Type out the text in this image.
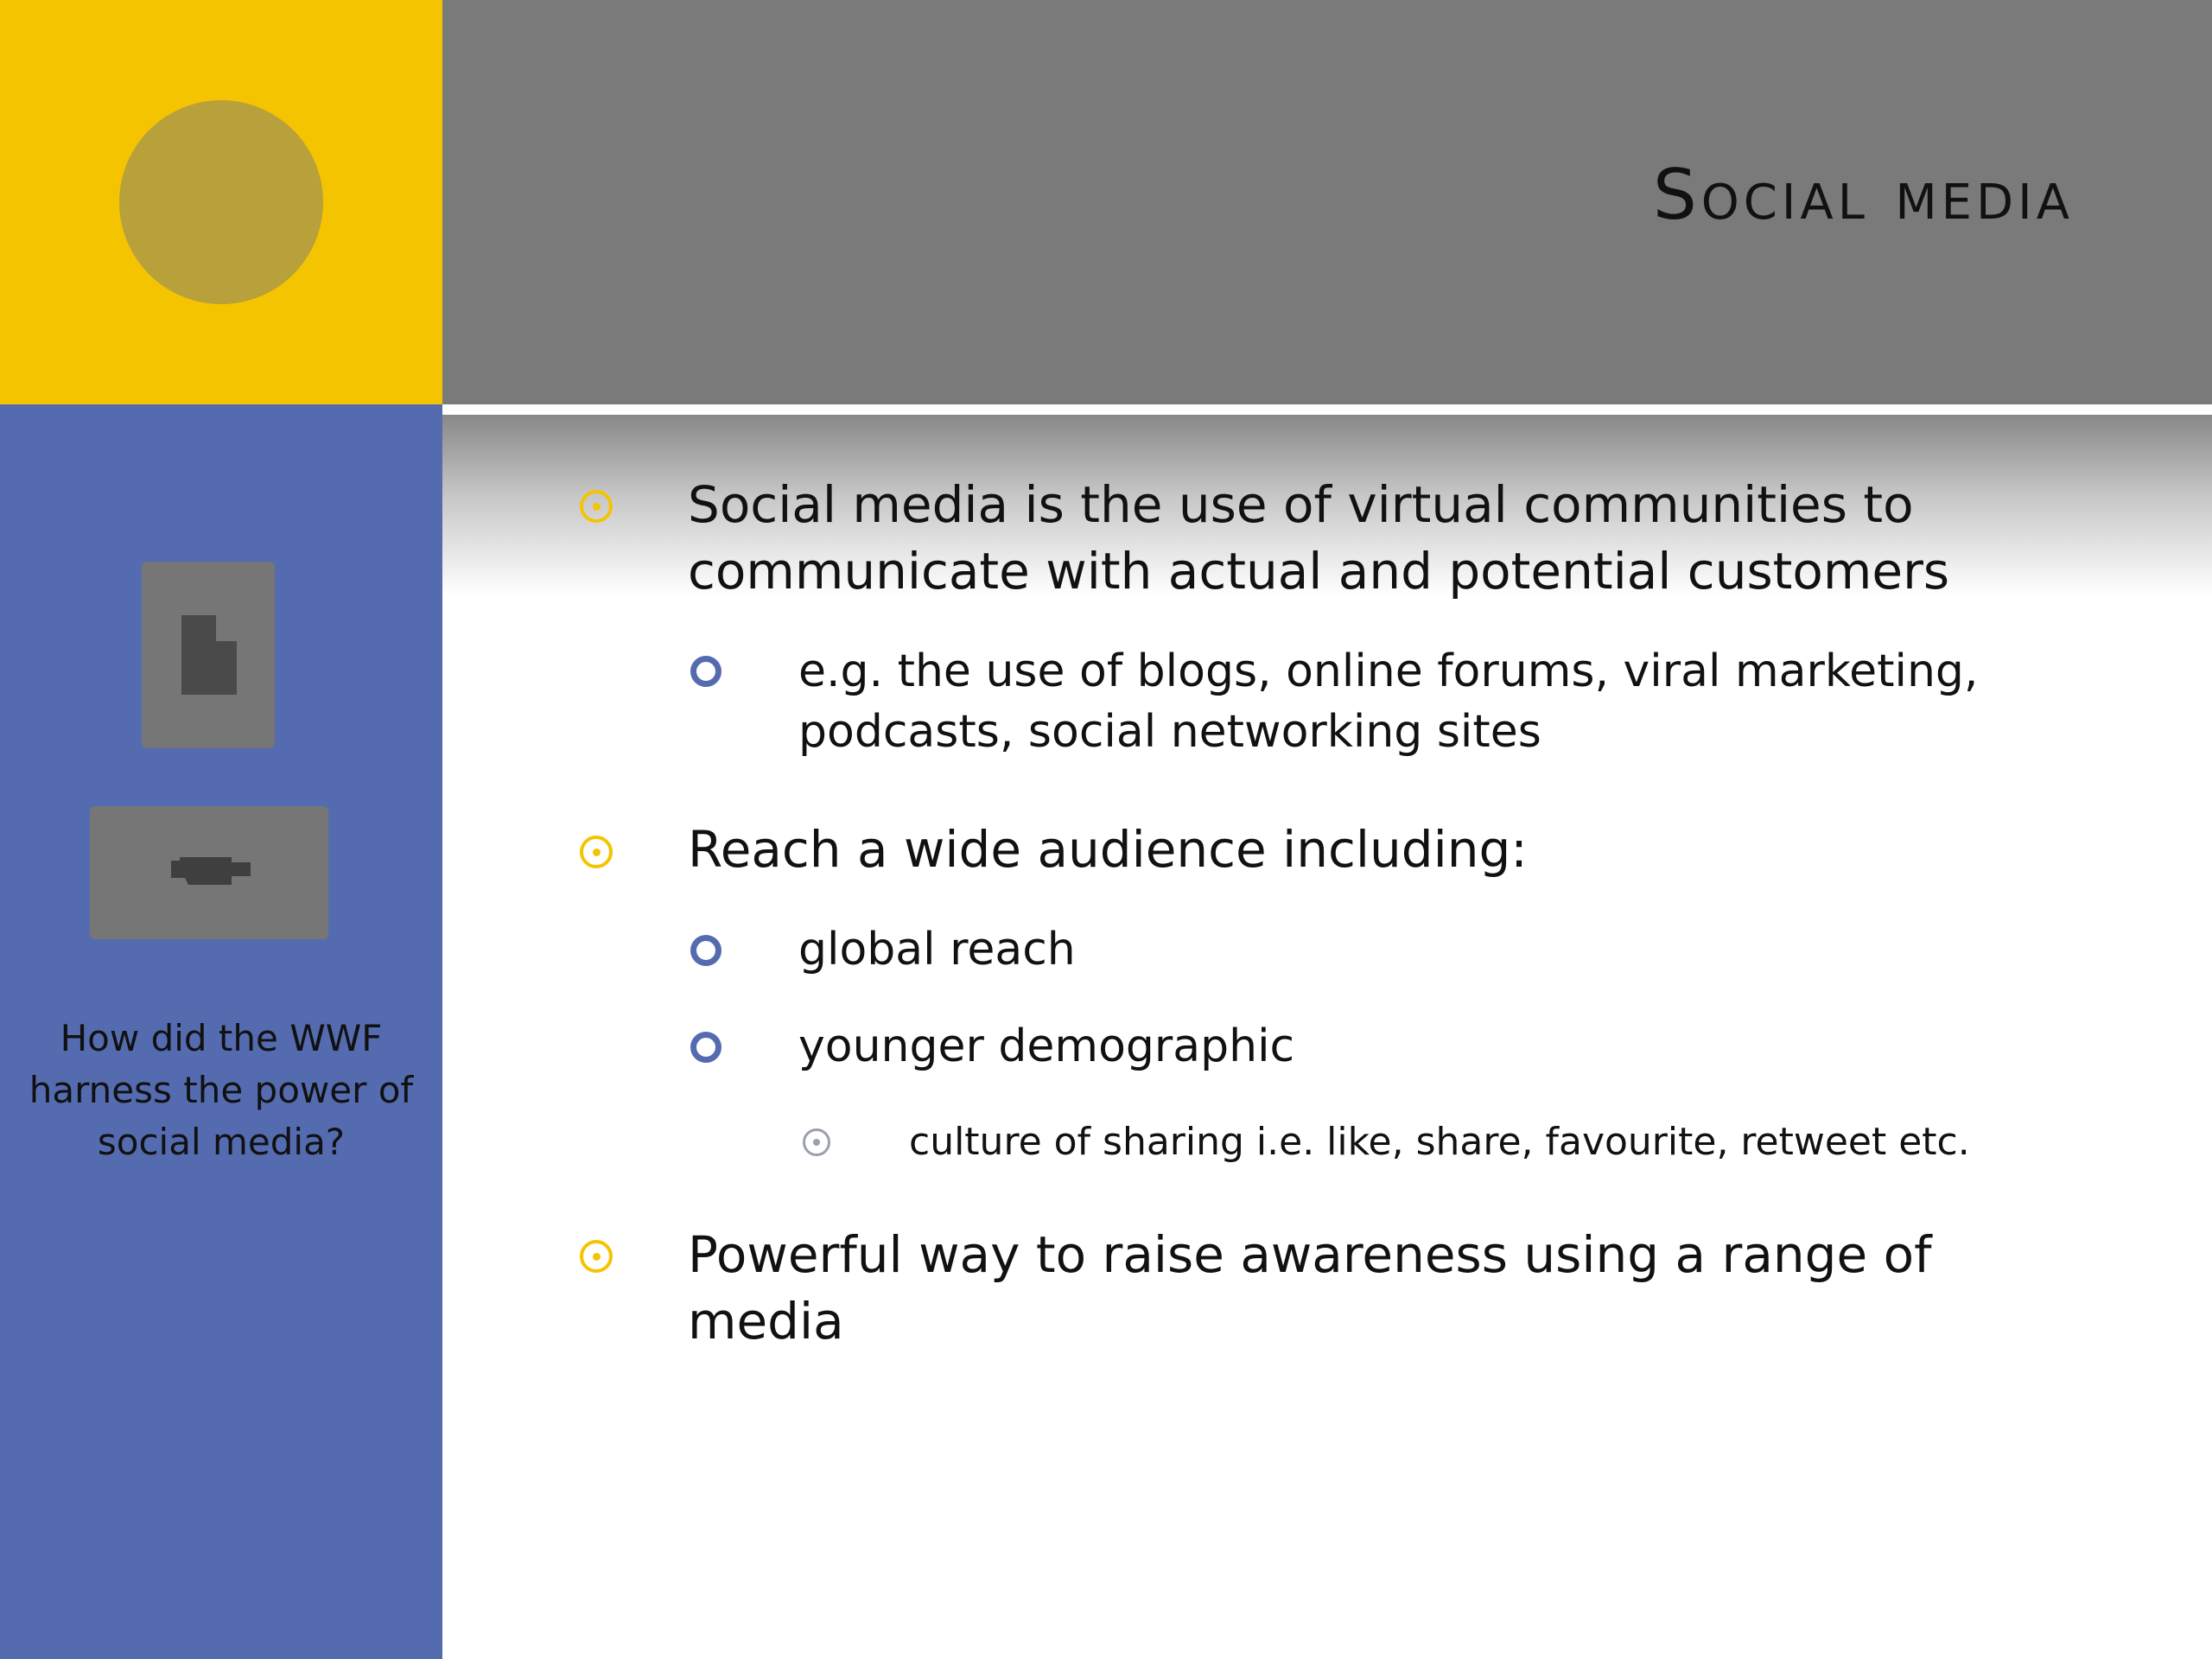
Social media

How did the WWF harness the power of social media?

Social media is the use of virtual communities to communicate with actual and potential customers
e.g. the use of blogs, online forums, viral marketing, podcasts, social networking sites
Reach a wide audience including:
global reach
younger demographic
culture of sharing i.e. like, share, favourite, retweet etc.
Powerful way to raise awareness using a range of media
